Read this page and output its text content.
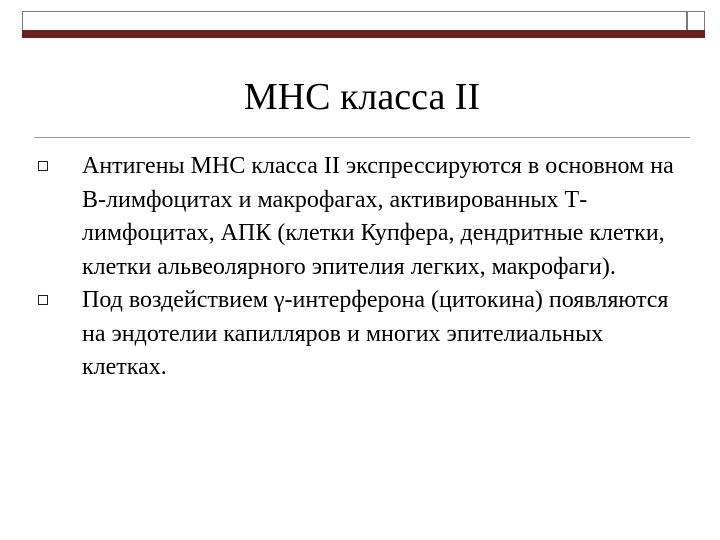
МНС класса II
Антигены МНС класса II экспрессируются в основном на В-лимфоцитах и макрофагах, активированных Т-лимфоцитах, АПК (клетки Купфера, дендритные клетки, клетки альвеолярного эпителия легких, макрофаги).
Под воздействием γ-интерферона (цитокина) появляются на эндотелии капилляров и многих эпителиальных клетках.
